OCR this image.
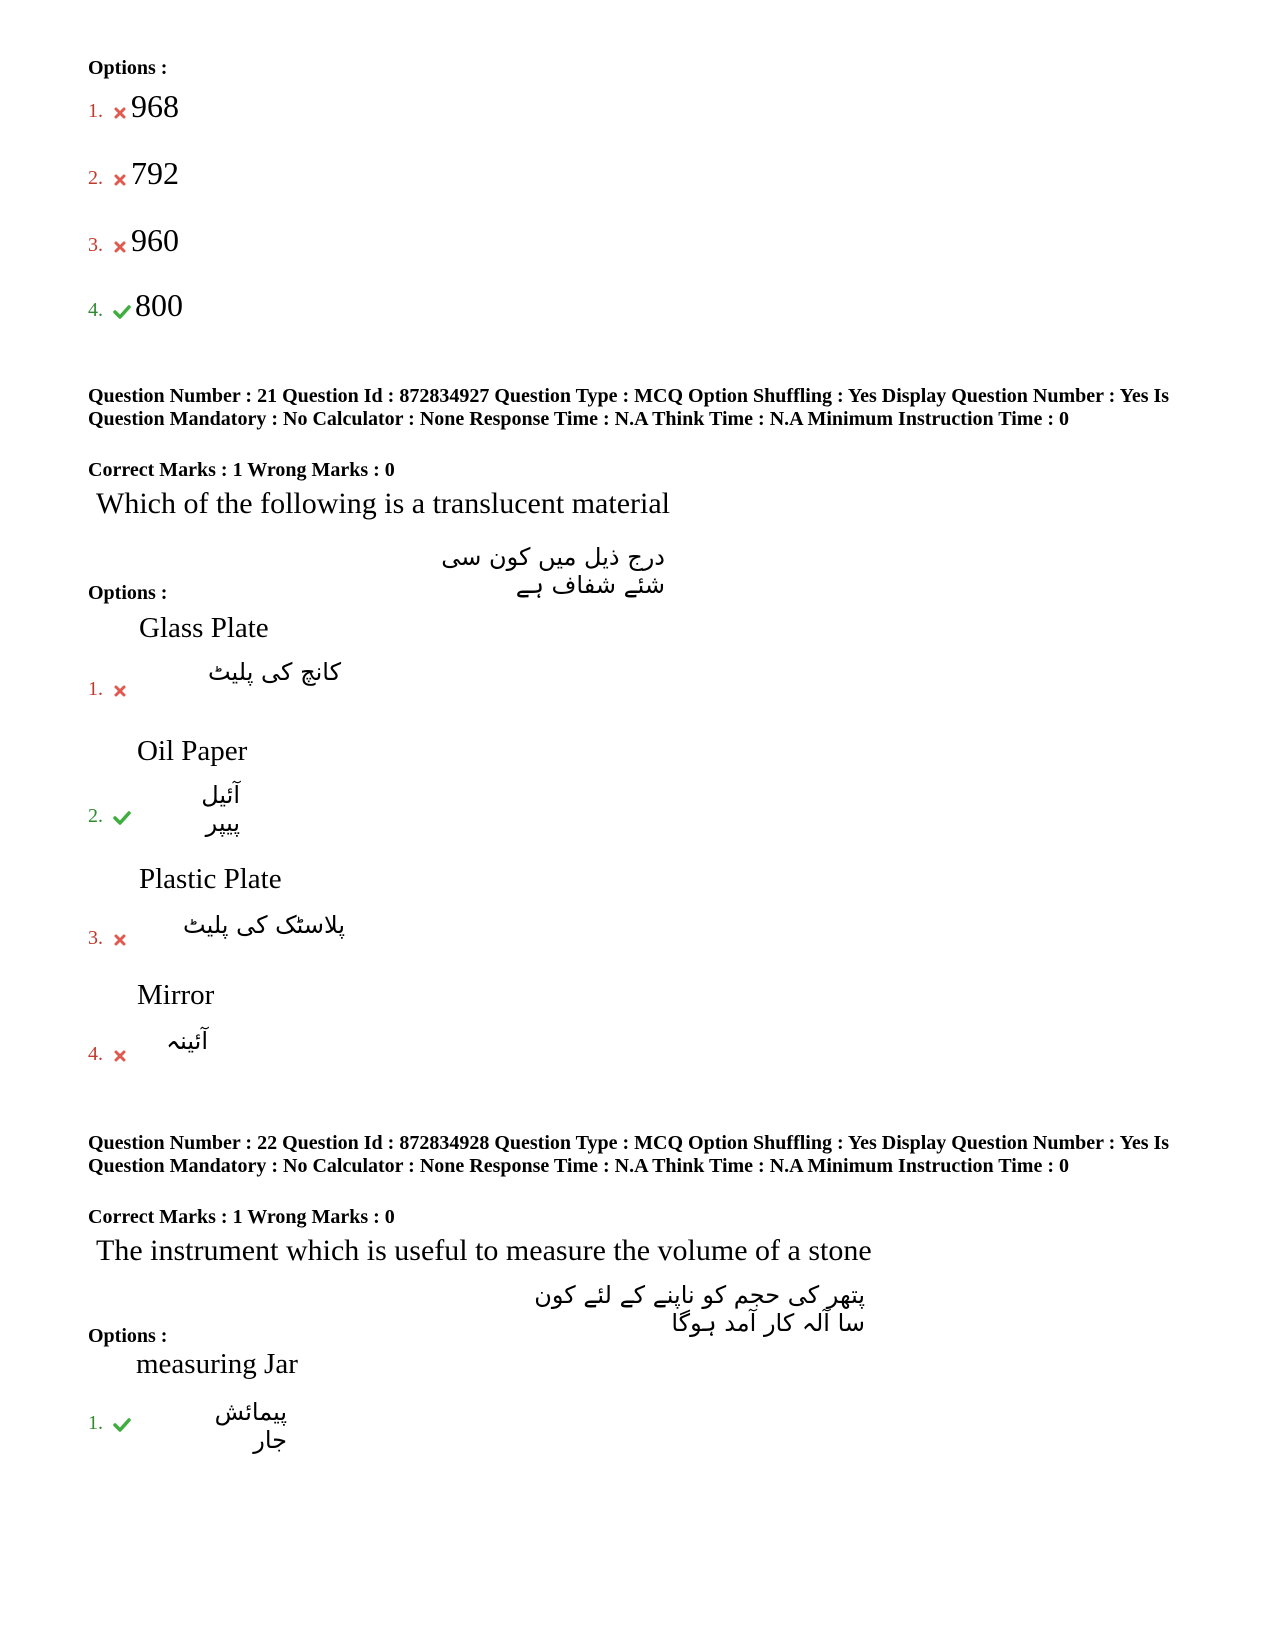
Options :
1. 968
2. 792
3. 960
4. 800
Question Number : 21 Question Id : 872834927 Question Type : MCQ Option Shuffling : Yes Display Question Number : Yes Is Question Mandatory : No Calculator : None Response Time : N.A Think Time : N.A Minimum Instruction Time : 0
Correct Marks : 1 Wrong Marks : 0
Which of the following is a translucent material
درج ذیل میں کون سی شئے شفاف ہے
Options :
Glass Plate
کانچ کی پلیٹ
1.
Oil Paper
آئیل پیپر
2.
Plastic Plate
پلاسٹک کی پلیٹ
3.
Mirror
آئینہ
4.
Question Number : 22 Question Id : 872834928 Question Type : MCQ Option Shuffling : Yes Display Question Number : Yes Is Question Mandatory : No Calculator : None Response Time : N.A Think Time : N.A Minimum Instruction Time : 0
Correct Marks : 1 Wrong Marks : 0
The instrument which is useful to measure the volume of a stone
پتھر کی حجم کو ناپنے کے لئے کون سا آلہ کار آمد ہوگا
Options :
measuring Jar
پیمائش جار
1.
